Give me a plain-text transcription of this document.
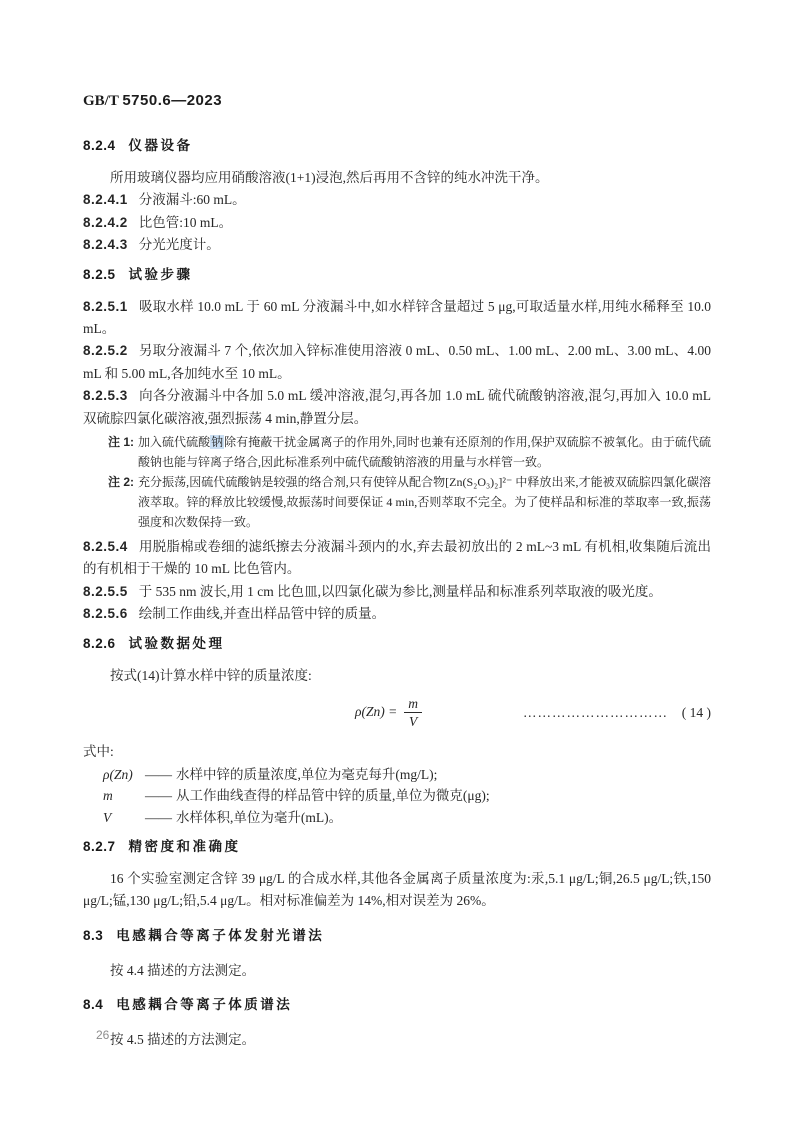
GB/T 5750.6—2023
8.2.4 仪器设备

所用玻璃仪器均应用硝酸溶液(1+1)浸泡,然后再用不含锌的纯水冲洗干净。

8.2.4.1 分液漏斗:60 mL。

8.2.4.2 比色管:10 mL。

8.2.4.3 分光光度计。

8.2.5 试验步骤

8.2.5.1 吸取水样 10.0 mL 于 60 mL 分液漏斗中,如水样锌含量超过 5 μg,可取适量水样,用纯水稀释至 10.0 mL。

8.2.5.2 另取分液漏斗 7 个,依次加入锌标准使用溶液 0 mL、0.50 mL、1.00 mL、2.00 mL、3.00 mL、4.00 mL 和 5.00 mL,各加纯水至 10 mL。

8.2.5.3 向各分液漏斗中各加 5.0 mL 缓冲溶液,混匀,再各加 1.0 mL 硫代硫酸钠溶液,混匀,再加入 10.0 mL 双硫腙四氯化碳溶液,强烈振荡 4 min,静置分层。

注 1: 加入硫代硫酸钠除有掩蔽干扰金属离子的作用外,同时也兼有还原剂的作用,保护双硫腙不被氧化。由于硫代硫酸钠也能与锌离子络合,因此标准系列中硫代硫酸钠溶液的用量与水样管一致。

注 2: 充分振荡,因硫代硫酸钠是较强的络合剂,只有使锌从配合物[Zn(S₂O₃)₂]²⁻ 中释放出来,才能被双硫腙四氯化碳溶液萃取。锌的释放比较缓慢,故振荡时间要保证 4 min,否则萃取不完全。为了使样品和标准的萃取率一致,振荡强度和次数保持一致。

8.2.5.4 用脱脂棉或卷细的滤纸擦去分液漏斗颈内的水,弃去最初放出的 2 mL~3 mL 有机相,收集随后流出的有机相于干燥的 10 mL 比色管内。

8.2.5.5 于 535 nm 波长,用 1 cm 比色皿,以四氯化碳为参比,测量样品和标准系列萃取液的吸光度。

8.2.5.6 绘制工作曲线,并查出样品管中锌的质量。

8.2.6 试验数据处理

按式(14)计算水样中锌的质量浓度:

$\rho(Zn) = \frac{m}{V}$	…………………………	( 14 )

式中:

ρ(Zn) —— 水样中锌的质量浓度,单位为毫克每升(mg/L);

m	—— 从工作曲线查得的样品管中锌的质量,单位为微克(μg);

V	—— 水样体积,单位为毫升(mL)。

8.2.7 精密度和准确度

16 个实验室测定含锌 39 μg/L 的合成水样,其他各金属离子质量浓度为:汞,5.1 μg/L;铜,26.5 μg/L;铁,150 μg/L;锰,130 μg/L;铅,5.4 μg/L。相对标准偏差为 14%,相对误差为 26%。

8.3 电感耦合等离子体发射光谱法

按 4.4 描述的方法测定。

8.4 电感耦合等离子体质谱法

按 4.5 描述的方法测定。

26
